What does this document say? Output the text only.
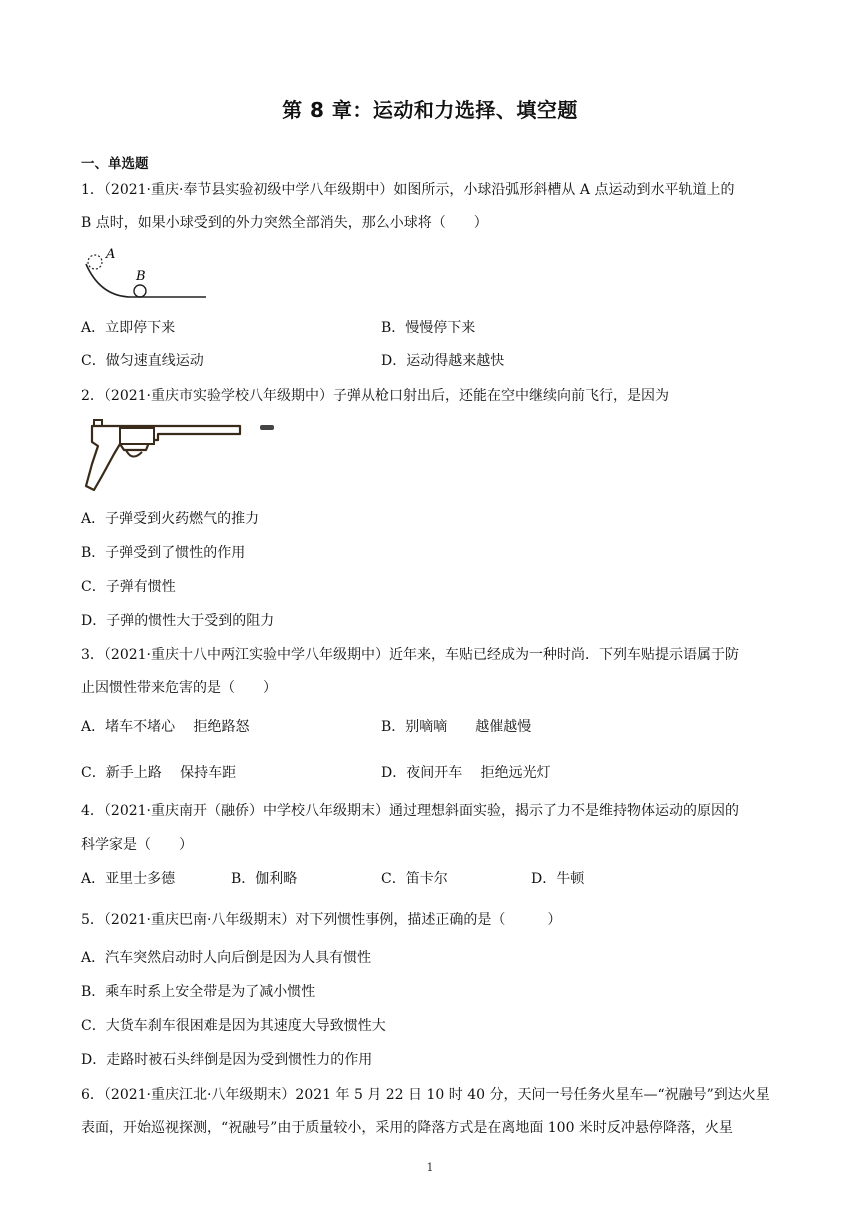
第 8 章：运动和力选择、填空题
一、单选题
1．（2021·重庆·奉节县实验初级中学八年级期中）如图所示，小球沿弧形斜槽从 A 点运动到水平轨道上的
B 点时，如果小球受到的外力突然全部消失，那么小球将（　　）
A
B
A．立即停下来	B．慢慢停下来
C．做匀速直线运动	D．运动得越来越快
2．（2021·重庆市实验学校八年级期中）子弹从枪口射出后，还能在空中继续向前飞行，是因为
A．子弹受到火药燃气的推力
B．子弹受到了惯性的作用
C．子弹有惯性
D．子弹的惯性大于受到的阻力
3．（2021·重庆十八中两江实验中学八年级期中）近年来，车贴已经成为一种时尚．下列车贴提示语属于防
止因惯性带来危害的是（　　）
A．堵车不堵心　 拒绝路怒	B．别嘀嘀　　越催越慢
C．新手上路　 保持车距	D．夜间开车　 拒绝远光灯
4．（2021·重庆南开（融侨）中学校八年级期末）通过理想斜面实验，揭示了力不是维持物体运动的原因的
科学家是（　　）
A．亚里士多德	B．伽利略	C．笛卡尔	D．牛顿
5．（2021·重庆巴南·八年级期末）对下列惯性事例，描述正确的是（　　　）
A．汽车突然启动时人向后倒是因为人具有惯性
B．乘车时系上安全带是为了减小惯性
C．大货车刹车很困难是因为其速度大导致惯性大
D．走路时被石头绊倒是因为受到惯性力的作用
6．（2021·重庆江北·八年级期末）2021 年 5 月 22 日 10 时 40 分，天问一号任务火星车—“祝融号”到达火星
表面，开始巡视探测，“祝融号”由于质量较小，采用的降落方式是在离地面 100 米时反冲悬停降落，火星
1
